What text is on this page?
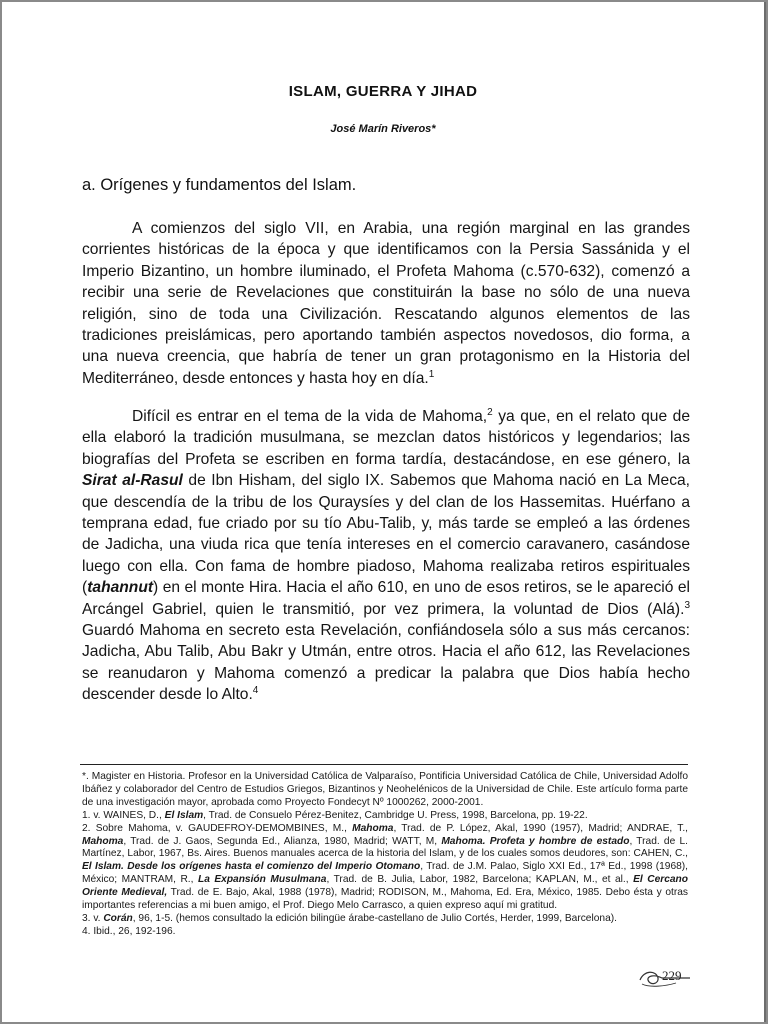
ISLAM, GUERRA Y JIHAD
José Marín Riveros*
a. Orígenes y fundamentos del Islam.

A comienzos del siglo VII, en Arabia, una región marginal en las grandes corrientes históricas de la época y que identificamos con la Persia Sassánida y el Imperio Bizantino, un hombre iluminado, el Profeta Mahoma (c.570-632), comenzó a recibir una serie de Revelaciones que constituirán la base no sólo de una nueva religión, sino de toda una Civilización. Rescatando algunos elementos de las tradiciones preislámicas, pero aportando también aspectos novedosos, dio forma, a una nueva creencia, que habría de tener un gran protagonismo en la Historia del Mediterráneo, desde entonces y hasta hoy en día.$^1$

Difícil es entrar en el tema de la vida de Mahoma,$^2$ ya que, en el relato que de ella elaboró la tradición musulmana, se mezclan datos históricos y legendarios; las biografías del Profeta se escriben en forma tardía, destacándose, en ese género, la Sirat al-Rasul de Ibn Hisham, del siglo IX. Sabemos que Mahoma nació en La Meca, que descendía de la tribu de los Quraysíes y del clan de los Hassemitas. Huérfano a temprana edad, fue criado por su tío Abu-Talib, y, más tarde se empleó a las órdenes de Jadicha, una viuda rica que tenía intereses en el comercio caravanero, casándose luego con ella. Con fama de hombre piadoso, Mahoma realizaba retiros espirituales (tahannut) en el monte Hira. Hacia el año 610, en uno de esos retiros, se le apareció el Arcángel Gabriel, quien le transmitió, por vez primera, la voluntad de Dios (Alá).$^3$ Guardó Mahoma en secreto esta Revelación, confiándosela sólo a sus más cercanos: Jadicha, Abu Talib, Abu Bakr y Utmán, entre otros. Hacia el año 612, las Revelaciones se reanudaron y Mahoma comenzó a predicar la palabra que Dios había hecho descender desde lo Alto.$^4$

*. Magister en Historia. Profesor en la Universidad Católica de Valparaíso, Pontificia Universidad Católica de Chile, Universidad Adolfo Ibáñez y colaborador del Centro de Estudios Griegos, Bizantinos y Neohelénicos de la Universidad de Chile. Este artículo forma parte de una investigación mayor, aprobada como Proyecto Fondecyt Nº 1000262, 2000-2001.

1. v. WAINES, D., El Islam, Trad. de Consuelo Pérez-Benitez, Cambridge U. Press, 1998, Barcelona, pp. 19-22.

2. Sobre Mahoma, v. GAUDEFROY-DEMOMBINES, M., Mahoma, Trad. de P. López, Akal, 1990 (1957), Madrid; ANDRAE, T., Mahoma, Trad. de J. Gaos, Segunda Ed., Alianza, 1980, Madrid; WATT, M, Mahoma. Profeta y hombre de estado, Trad. de L. Martínez, Labor, 1967, Bs. Aires. Buenos manuales acerca de la historia del Islam, y de los cuales somos deudores, son: CAHEN, C., El Islam. Desde los orígenes hasta el comienzo del Imperio Otomano, Trad. de J.M. Palao, Siglo XXI Ed., 17ª Ed., 1998 (1968), México; MANTRAM, R., La Expansión Musulmana, Trad. de B. Julia, Labor, 1982, Barcelona; KAPLAN, M., et al., El Cercano Oriente Medieval, Trad. de E. Bajo, Akal, 1988 (1978), Madrid; RODISON, M., Mahoma, Ed. Era, México, 1985. Debo ésta y otras importantes referencias a mi buen amigo, el Prof. Diego Melo Carrasco, a quien expreso aquí mi gratitud.

3. v. Corán, 96, 1-5. (hemos consultado la edición bilingüe árabe-castellano de Julio Cortés, Herder, 1999, Barcelona).

4. Ibid., 26, 192-196.

229
